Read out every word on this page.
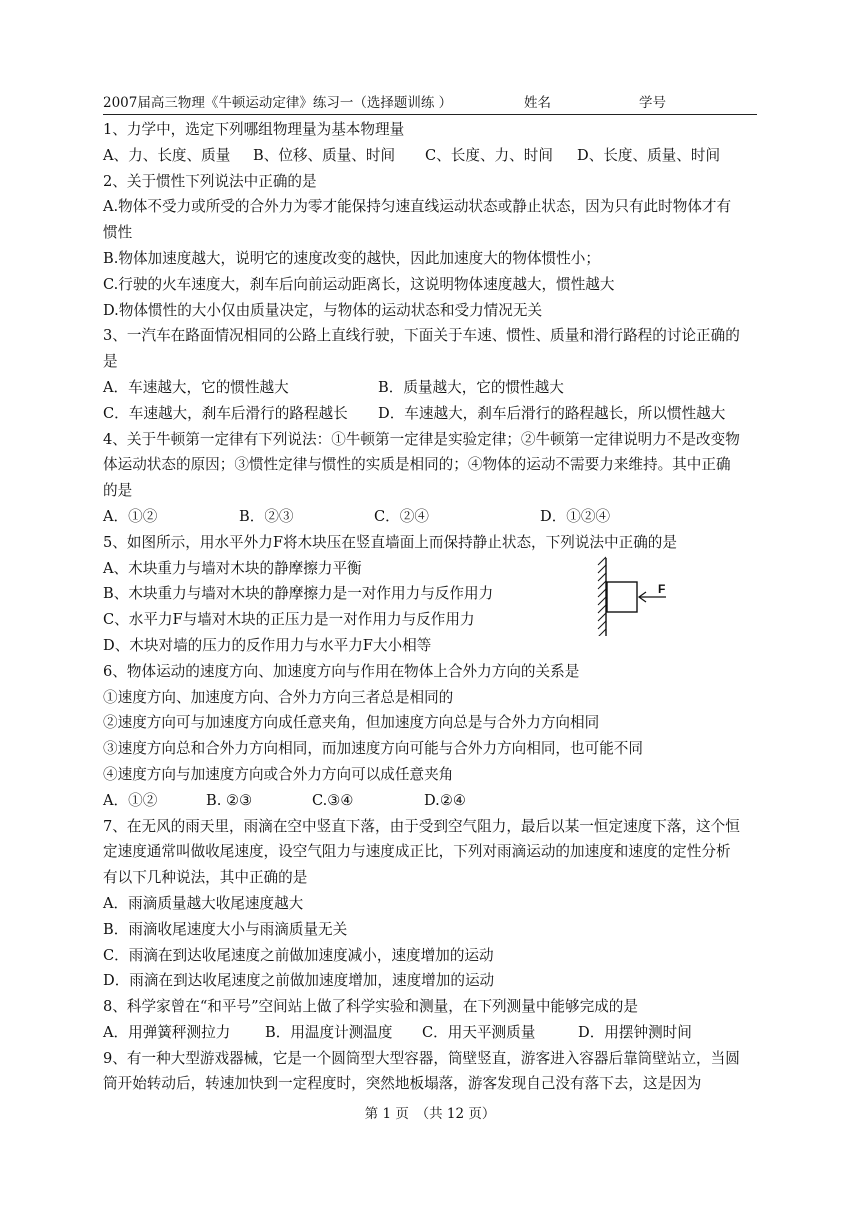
2007届高三物理《牛顿运动定律》练习一（选择题训练 ）	姓名	学号
1、力学中，选定下列哪组物理量为基本物理量
A、力、长度、质量 B、位移、质量、时间 C、长度、力、时间 D、长度、质量、时间
2、关于惯性下列说法中正确的是
A.物体不受力或所受的合外力为零才能保持匀速直线运动状态或静止状态，因为只有此时物体才有
惯性
B.物体加速度越大，说明它的速度改变的越快，因此加速度大的物体惯性小；
C.行驶的火车速度大，刹车后向前运动距离长，这说明物体速度越大，惯性越大
D.物体惯性的大小仅由质量决定，与物体的运动状态和受力情况无关
3、一汽车在路面情况相同的公路上直线行驶，下面关于车速、惯性、质量和滑行路程的讨论正确的
是
A．车速越大，它的惯性越大	B．质量越大，它的惯性越大
C．车速越大，刹车后滑行的路程越长 D．车速越大，刹车后滑行的路程越长，所以惯性越大
4、关于牛顿第一定律有下列说法：①牛顿第一定律是实验定律；②牛顿第一定律说明力不是改变物
体运动状态的原因；③惯性定律与惯性的实质是相同的；④物体的运动不需要力来维持。其中正确
的是
A．①②	B．②③	C．②④	D．①②④
5、如图所示，用水平外力F将木块压在竖直墙面上而保持静止状态，下列说法中正确的是
A、木块重力与墙对木块的静摩擦力平衡
B、木块重力与墙对木块的静摩擦力是一对作用力与反作用力
C、水平力F与墙对木块的正压力是一对作用力与反作用力
D、木块对墙的压力的反作用力与水平力F大小相等
6、物体运动的速度方向、加速度方向与作用在物体上合外力方向的关系是
①速度方向、加速度方向、合外力方向三者总是相同的
②速度方向可与加速度方向成任意夹角，但加速度方向总是与合外力方向相同
③速度方向总和合外力方向相同，而加速度方向可能与合外力方向相同，也可能不同
④速度方向与加速度方向或合外力方向可以成任意夹角
A．①②	B. ②③	C.③④	D.②④
7、在无风的雨天里，雨滴在空中竖直下落，由于受到空气阻力，最后以某一恒定速度下落，这个恒
定速度通常叫做收尾速度，设空气阻力与速度成正比，下列对雨滴运动的加速度和速度的定性分析
有以下几种说法，其中正确的是
A．雨滴质量越大收尾速度越大
B．雨滴收尾速度大小与雨滴质量无关
C．雨滴在到达收尾速度之前做加速度减小，速度增加的运动
D．雨滴在到达收尾速度之前做加速度增加，速度增加的运动
8、科学家曾在“和平号”空间站上做了科学实验和测量，在下列测量中能够完成的是
A．用弹簧秤测拉力 B．用温度计测温度 C．用天平测质量	D．用摆钟测时间
9、有一种大型游戏器械，它是一个圆筒型大型容器，筒壁竖直，游客进入容器后靠筒壁站立，当圆
筒开始转动后，转速加快到一定程度时，突然地板塌落，游客发现自己没有落下去，这是因为
F
第 1 页　（共 12 页）
